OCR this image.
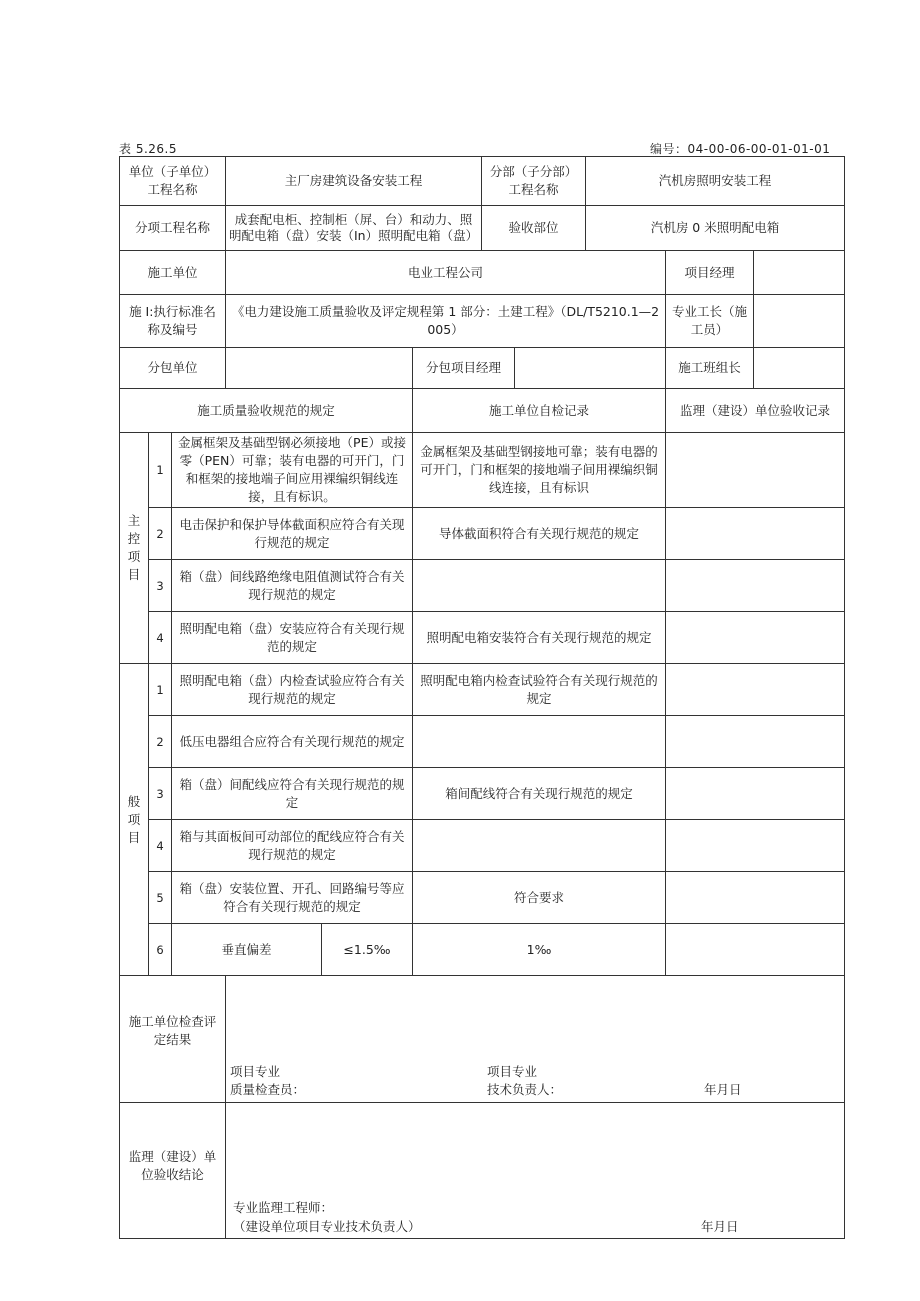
表 5.26.5	编号：04-00-06-00-01-01-01
单位（子单位）工程名称			主厂房建筑设备安装工程			分部（子分部）工程名称		汽机房照明安装工程		
分项工程名称			成套配电柜、控制柜（屏、台）和动力、照明配电箱（盘）安装（In）照明配电箱（盘）			验收部位		汽机房 0 米照明配电箱		
施工单位			电业工程公司						项目经理	
施 I:执行标准名称及编号			《电力建设施工质量验收及评定规程第 1 部分：土建工程》（DL/T5210.1—2005）						专业工长（施工员）	
分包单位					分包项目经理				施工班组长	
施工质量验收规范的规定					施工单位自检记录				监理（建设）单位验收记录	
主控项目	1	金属框架及基础型钢必须接地（PE）或接零（PEN）可靠；装有电器的可开门，门和框架的接地端子间应用裸编织铜线连接，且有标识。			金属框架及基础型钢接地可靠；装有电器的可开门，门和框架的接地端子间用裸编织铜线连接，且有标识					
	2	电击保护和保护导体截面积应符合有关现行规范的规定			导体截面积符合有关现行规范的规定					
	3	箱（盘）间线路绝缘电阻值测试符合有关现行规范的规定								
	4	照明配电箱（盘）安装应符合有关现行规范的规定			照明配电箱安装符合有关现行规范的规定					
般项目	1	照明配电箱（盘）内检查试验应符合有关现行规范的规定			照明配电箱内检查试验符合有关现行规范的规定					
	2	低压电器组合应符合有关现行规范的规定								
	3	箱（盘）间配线应符合有关现行规范的规定			箱间配线符合有关现行规范的规定					
	4	箱与其面板间可动部位的配线应符合有关现行规范的规定								
	5	箱（盘）安装位置、开孔、回路编号等应符合有关现行规范的规定			符合要求					
	6	垂直偏差		≤1.5‰	1‰					
施工单位检查评定结果			项目专业
质量检查员：
项目专业
技术负责人： 年月日							

监理（建设）单位验收结论			专业监理工程师：
（建设单位项目专业技术负责人） 年月日							
